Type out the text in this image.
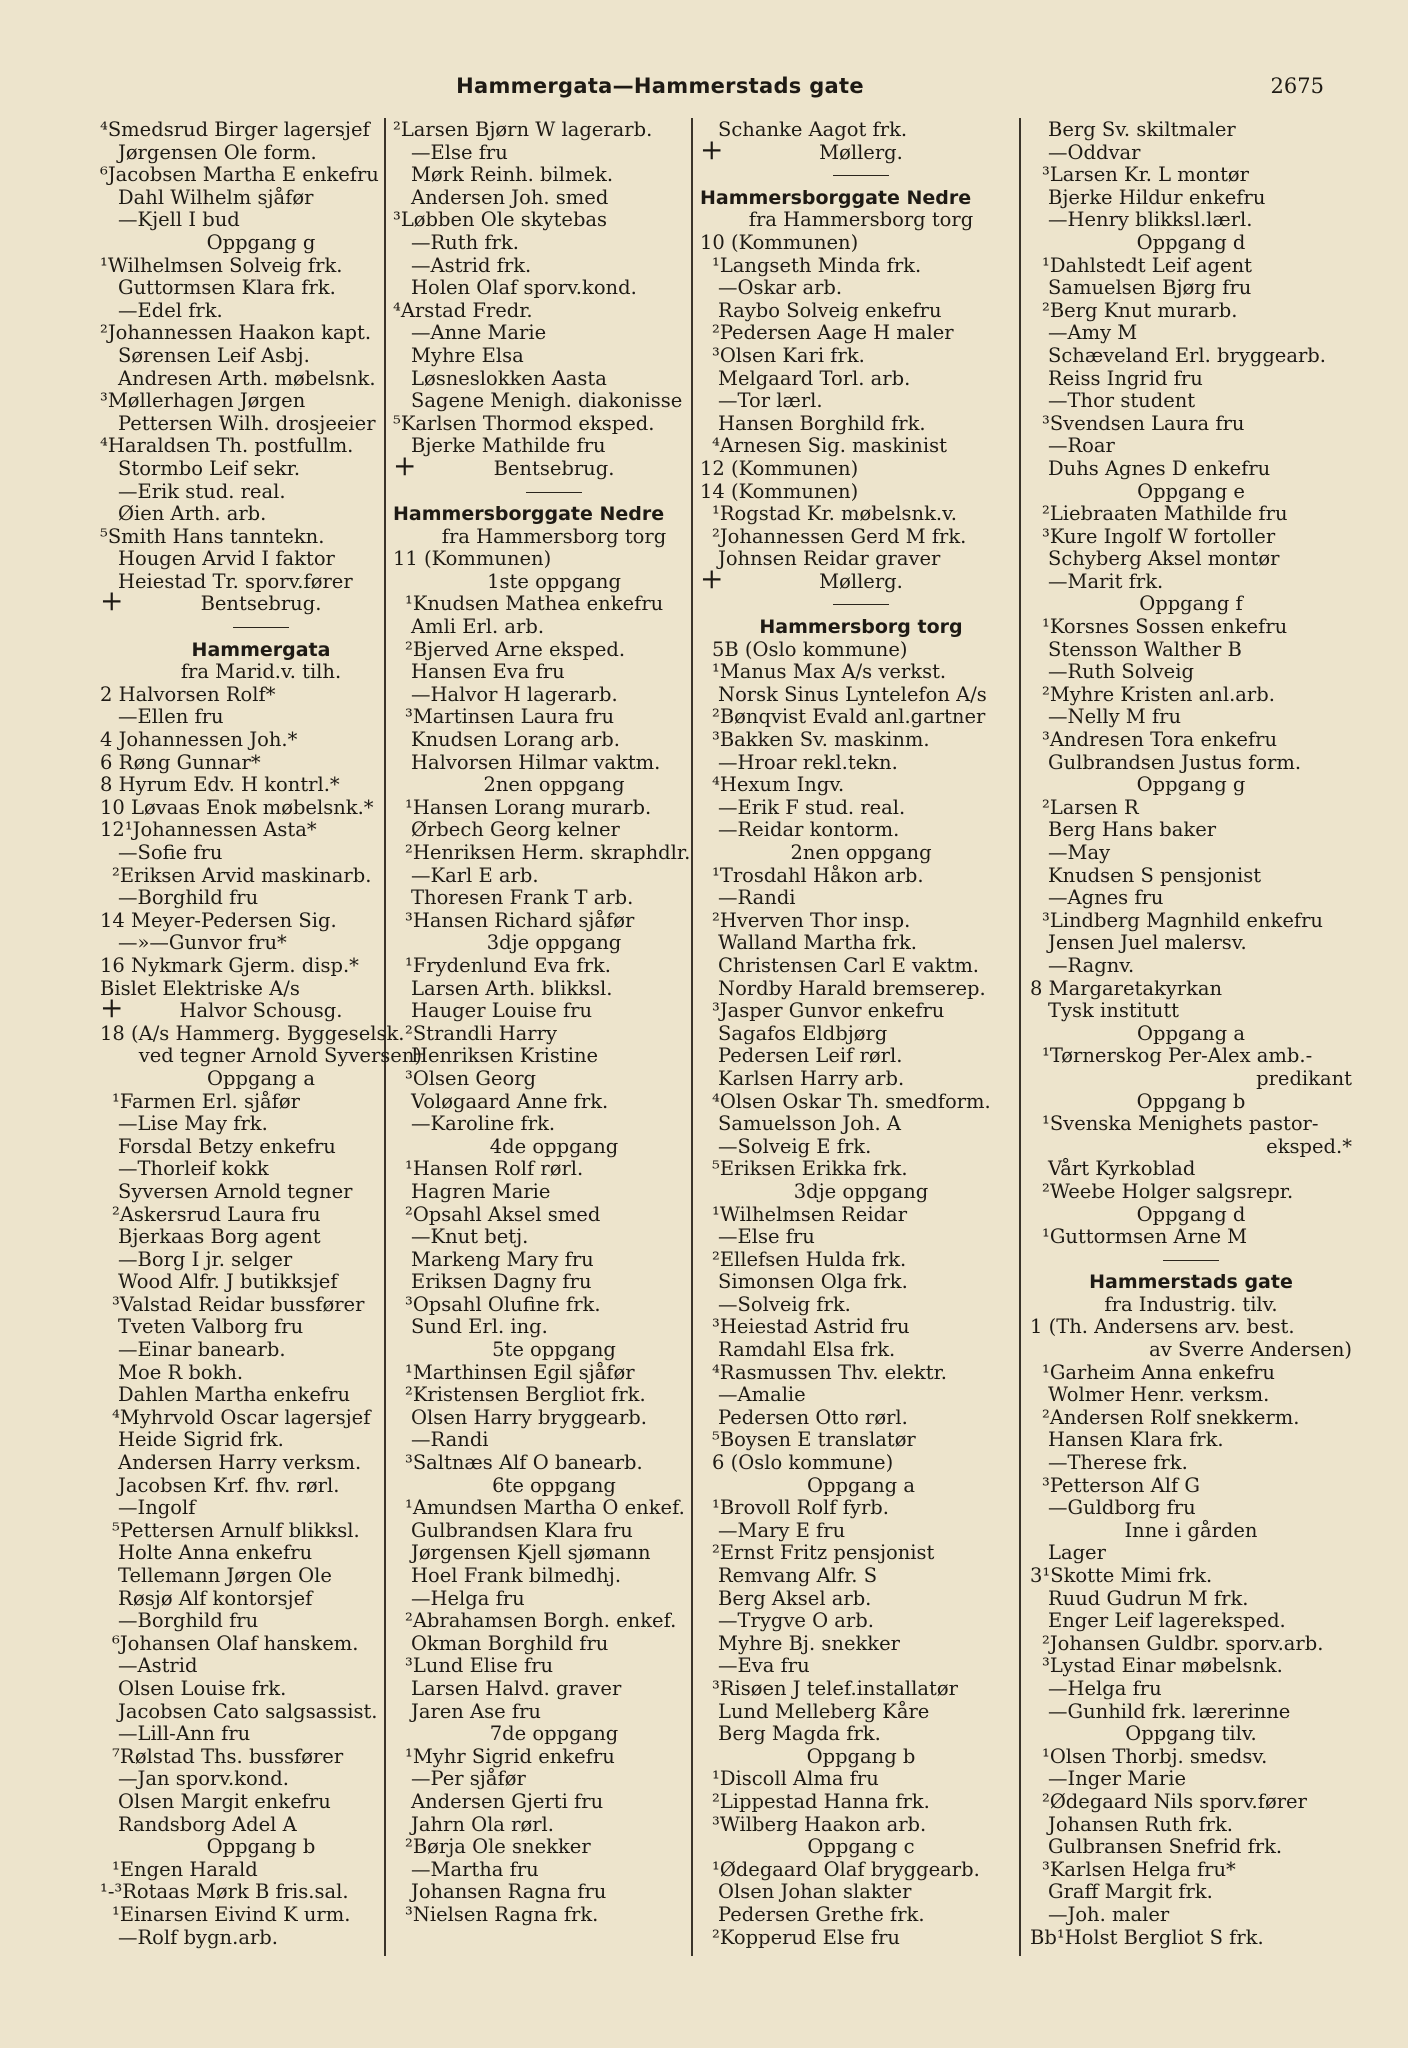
Hammergata—Hammerstads gate	2675
⁴Smedsrud Birger lagersjef
Jørgensen Ole form.
⁶Jacobsen Martha E enkefru
Dahl Wilhelm sjåfør
—Kjell I bud
Oppgang g
¹Wilhelmsen Solveig frk.
Guttormsen Klara frk.
—Edel frk.
²Johannessen Haakon kapt.
Sørensen Leif Asbj.
Andresen Arth. møbelsnk.
³Møllerhagen Jørgen
Pettersen Wilh. drosjeeier
⁴Haraldsen Th. postfullm.
Stormbo Leif sekr.
—Erik stud. real.
Øien Arth. arb.
⁵Smith Hans tanntekn.
Hougen Arvid I faktor
Heiestad Tr. sporv.fører
+ Bentsebrug.
Hammergata
fra Marid.v. tilh.
2 Halvorsen Rolf*
—Ellen fru
4 Johannessen Joh.*
6 Røng Gunnar*
8 Hyrum Edv. H kontrl.*
10 Løvaas Enok møbelsnk.*
12¹Johannessen Asta*
—Sofie fru
²Eriksen Arvid maskinarb.
—Borghild fru
14 Meyer-Pedersen Sig.
—»—Gunvor fru*
16 Nykmark Gjerm. disp.*
Bislet Elektriske A/s
+ Halvor Schousg.
18 (A/s Hammerg. Byggeselsk.
ved tegner Arnold Syversen)
Oppgang a
¹Farmen Erl. sjåfør
—Lise May frk.
Forsdal Betzy enkefru
—Thorleif kokk
Syversen Arnold tegner
²Askersrud Laura fru
Bjerkaas Borg agent
—Borg I jr. selger
Wood Alfr. J butikksjef
³Valstad Reidar bussfører
Tveten Valborg fru
—Einar banearb.
Moe R bokh.
Dahlen Martha enkefru
⁴Myhrvold Oscar lagersjef
Heide Sigrid frk.
Andersen Harry verksm.
Jacobsen Krf. fhv. rørl.
—Ingolf
⁵Pettersen Arnulf blikksl.
Holte Anna enkefru
Tellemann Jørgen Ole
Røsjø Alf kontorsjef
—Borghild fru
⁶Johansen Olaf hanskem.
—Astrid
Olsen Louise frk.
Jacobsen Cato salgsassist.
—Lill-Ann fru
⁷Rølstad Ths. bussfører
—Jan sporv.kond.
Olsen Margit enkefru
Randsborg Adel A
Oppgang b
¹Engen Harald
¹-³Rotaas Mørk B fris.sal.
¹Einarsen Eivind K urm.
—Rolf bygn.arb.
²Larsen Bjørn W lagerarb.
—Else fru
Mørk Reinh. bilmek.
Andersen Joh. smed
³Løbben Ole skytebas
—Ruth frk.
—Astrid frk.
Holen Olaf sporv.kond.
⁴Arstad Fredr.
—Anne Marie
Myhre Elsa
Løsneslokken Aasta
Sagene Menigh. diakonisse
⁵Karlsen Thormod eksped.
Bjerke Mathilde fru
+ Bentsebrug.
Hammersborggate Nedre
fra Hammersborg torg
11 (Kommunen)
1ste oppgang
¹Knudsen Mathea enkefru
Amli Erl. arb.
²Bjerved Arne eksped.
Hansen Eva fru
—Halvor H lagerarb.
³Martinsen Laura fru
Knudsen Lorang arb.
Halvorsen Hilmar vaktm.
2nen oppgang
¹Hansen Lorang murarb.
Ørbech Georg kelner
²Henriksen Herm. skraphdlr.
—Karl E arb.
Thoresen Frank T arb.
³Hansen Richard sjåfør
3dje oppgang
¹Frydenlund Eva frk.
Larsen Arth. blikksl.
Hauger Louise fru
²Strandli Harry
Henriksen Kristine
³Olsen Georg
Voløgaard Anne frk.
—Karoline frk.
4de oppgang
¹Hansen Rolf rørl.
Hagren Marie
²Opsahl Aksel smed
—Knut betj.
Markeng Mary fru
Eriksen Dagny fru
³Opsahl Olufine frk.
Sund Erl. ing.
5te oppgang
¹Marthinsen Egil sjåfør
²Kristensen Bergliot frk.
Olsen Harry bryggearb.
—Randi
³Saltnæs Alf O banearb.
6te oppgang
¹Amundsen Martha O enkef.
Gulbrandsen Klara fru
Jørgensen Kjell sjømann
Hoel Frank bilmedhj.
—Helga fru
²Abrahamsen Borgh. enkef.
Okman Borghild fru
³Lund Elise fru
Larsen Halvd. graver
Jaren Ase fru
7de oppgang
¹Myhr Sigrid enkefru
—Per sjåfør
Andersen Gjerti fru
Jahrn Ola rørl.
²Børja Ole snekker
—Martha fru
Johansen Ragna fru
³Nielsen Ragna frk.
Schanke Aagot frk.
+ Møllerg.
Hammersborggate Nedre
fra Hammersborg torg
10 (Kommunen)
¹Langseth Minda frk.
—Oskar arb.
Raybo Solveig enkefru
²Pedersen Aage H maler
³Olsen Kari frk.
Melgaard Torl. arb.
—Tor lærl.
Hansen Borghild frk.
⁴Arnesen Sig. maskinist
12 (Kommunen)
14 (Kommunen)
¹Rogstad Kr. møbelsnk.v.
²Johannessen Gerd M frk.
Johnsen Reidar graver
+ Møllerg.
Hammersborg torg
5B (Oslo kommune)
¹Manus Max A/s verkst.
Norsk Sinus Lyntelefon A/s
²Bønqvist Evald anl.gartner
³Bakken Sv. maskinm.
—Hroar rekl.tekn.
⁴Hexum Ingv.
—Erik F stud. real.
—Reidar kontorm.
2nen oppgang
¹Trosdahl Håkon arb.
—Randi
²Hverven Thor insp.
Walland Martha frk.
Christensen Carl E vaktm.
Nordby Harald bremserep.
³Jasper Gunvor enkefru
Sagafos Eldbjørg
Pedersen Leif rørl.
Karlsen Harry arb.
⁴Olsen Oskar Th. smedform.
Samuelsson Joh. A
—Solveig E frk.
⁵Eriksen Erikka frk.
3dje oppgang
¹Wilhelmsen Reidar
—Else fru
²Ellefsen Hulda frk.
Simonsen Olga frk.
—Solveig frk.
³Heiestad Astrid fru
Ramdahl Elsa frk.
⁴Rasmussen Thv. elektr.
—Amalie
Pedersen Otto rørl.
⁵Boysen E translatør
6 (Oslo kommune)
Oppgang a
¹Brovoll Rolf fyrb.
—Mary E fru
²Ernst Fritz pensjonist
Remvang Alfr. S
Berg Aksel arb.
—Trygve O arb.
Myhre Bj. snekker
—Eva fru
³Risøen J telef.installatør
Lund Melleberg Kåre
Berg Magda frk.
Oppgang b
¹Discoll Alma fru
²Lippestad Hanna frk.
³Wilberg Haakon arb.
Oppgang c
¹Ødegaard Olaf bryggearb.
Olsen Johan slakter
Pedersen Grethe frk.
²Kopperud Else fru
Berg Sv. skiltmaler
—Oddvar
³Larsen Kr. L montør
Bjerke Hildur enkefru
—Henry blikksl.lærl.
Oppgang d
¹Dahlstedt Leif agent
Samuelsen Bjørg fru
²Berg Knut murarb.
—Amy M
Schæveland Erl. bryggearb.
Reiss Ingrid fru
—Thor student
³Svendsen Laura fru
—Roar
Duhs Agnes D enkefru
Oppgang e
²Liebraaten Mathilde fru
³Kure Ingolf W fortoller
Schyberg Aksel montør
—Marit frk.
Oppgang f
¹Korsnes Sossen enkefru
Stensson Walther B
—Ruth Solveig
²Myhre Kristen anl.arb.
—Nelly M fru
³Andresen Tora enkefru
Gulbrandsen Justus form.
Oppgang g
²Larsen R
Berg Hans baker
—May
Knudsen S pensjonist
—Agnes fru
³Lindberg Magnhild enkefru
Jensen Juel malersv.
—Ragnv.
8 Margaretakyrkan
Tysk institutt
Oppgang a
¹Tørnerskog Per-Alex amb.-
predikant
Oppgang b
¹Svenska Menighets pastor-
eksped.*
Vårt Kyrkoblad
²Weebe Holger salgsrepr.
Oppgang d
¹Guttormsen Arne M
Hammerstads gate
fra Industrig. tilv.
1 (Th. Andersens arv. best.
av Sverre Andersen)
¹Garheim Anna enkefru
Wolmer Henr. verksm.
²Andersen Rolf snekkerm.
Hansen Klara frk.
—Therese frk.
³Petterson Alf G
—Guldborg fru
Inne i gården
Lager
3¹Skotte Mimi frk.
Ruud Gudrun M frk.
Enger Leif lagereksped.
²Johansen Guldbr. sporv.arb.
³Lystad Einar møbelsnk.
—Helga fru
—Gunhild frk. lærerinne
Oppgang tilv.
¹Olsen Thorbj. smedsv.
—Inger Marie
²Ødegaard Nils sporv.fører
Johansen Ruth frk.
Gulbransen Snefrid frk.
³Karlsen Helga fru*
Graff Margit frk.
—Joh. maler
Bb¹Holst Bergliot S frk.
